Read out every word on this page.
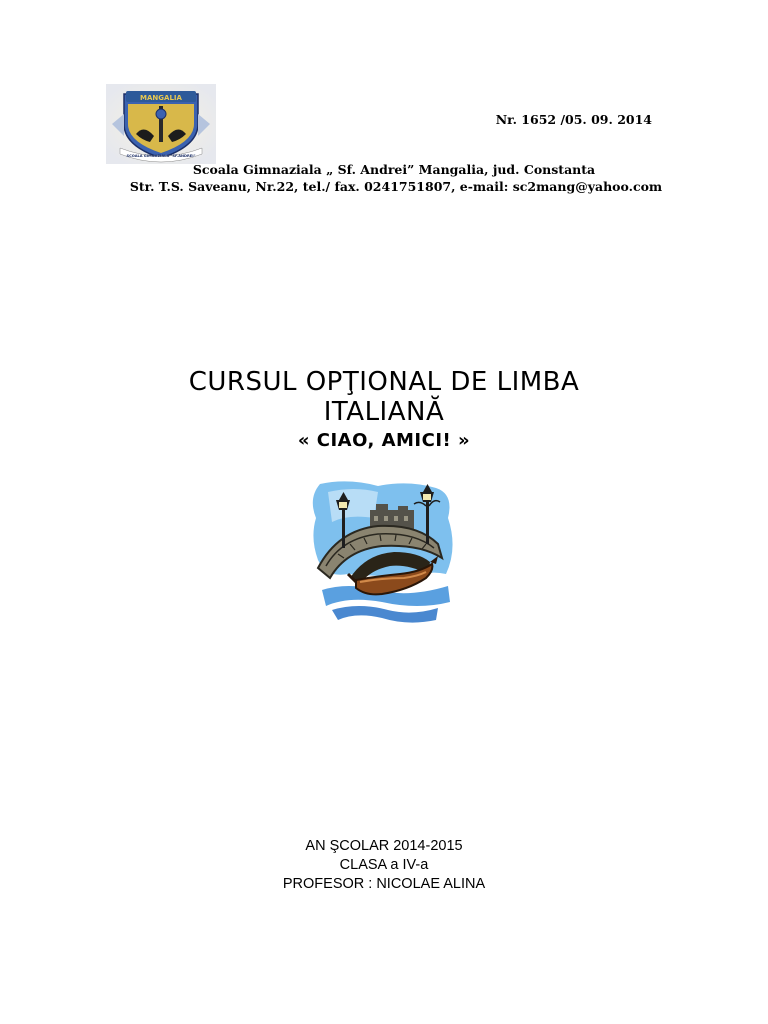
MANGALIA
SCOALA GIMNAZIALA "SF.ANDREI"
Nr. 1652 /05. 09. 2014
Scoala Gimnaziala „ Sf. Andrei” Mangalia, jud. Constanta
Str. T.S. Saveanu, Nr.22, tel./ fax. 0241751807, e-mail: sc2mang@yahoo.com
CURSUL OPŢIONAL DE LIMBA
ITALIANĂ
« CIAO, AMICI! »
AN ŞCOLAR 2014-2015
CLASA a IV-a
PROFESOR : NICOLAE ALINA
